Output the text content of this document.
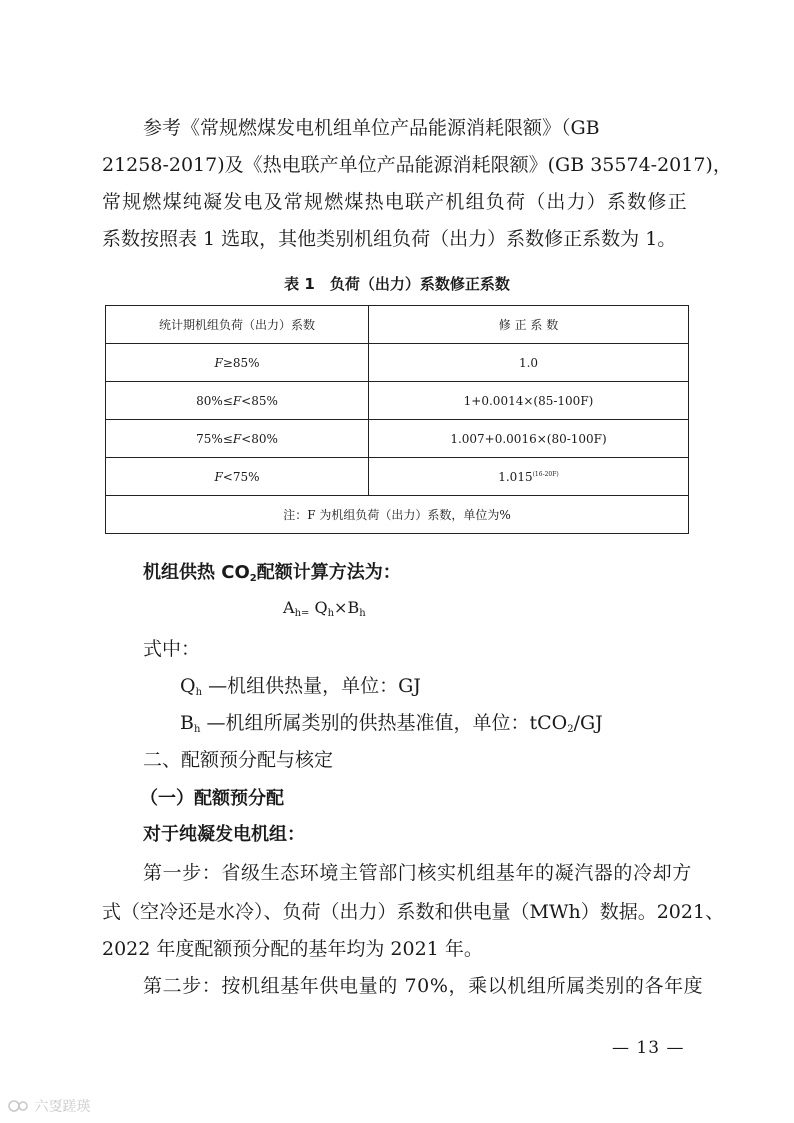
参考《常规燃煤发电机组单位产品能源消耗限额》（GB
21258-2017)及《热电联产单位产品能源消耗限额》(GB 35574-2017)，
常规燃煤纯凝发电及常规燃煤热电联产机组负荷（出力）系数修正
系数按照表 1 选取，其他类别机组负荷（出力）系数修正系数为 1。
表 1　负荷（出力）系数修正系数
统计期机组负荷（出力）系数	修 正 系 数
F≥85%	1.0
80%≤F<85%	1+0.0014×(85-100F)
75%≤F<80%	1.007+0.0016×(80-100F)
F<75%	$1.015^{(16-20F)}$
注：F 为机组负荷（出力）系数，单位为%	
机组供热 $CO_2$配额计算方法为：
$A_{h=}$ $Q_h\times B_h$
式中：
$Q_h$ —机组供热量，单位：GJ
$B_h$ —机组所属类别的供热基准值，单位：tCO$_2$/GJ
二、配额预分配与核定
（一）配额预分配
对于纯凝发电机组：
第一步：省级生态环境主管部门核实机组基年的凝汽器的冷却方
式（空冷还是水冷）、负荷（出力）系数和供电量（MWh）数据。2021、
2022 年度配额预分配的基年均为 2021 年。
第二步：按机组基年供电量的 70%，乘以机组所属类别的各年度
— 13 —
六㪅蹉瑛
